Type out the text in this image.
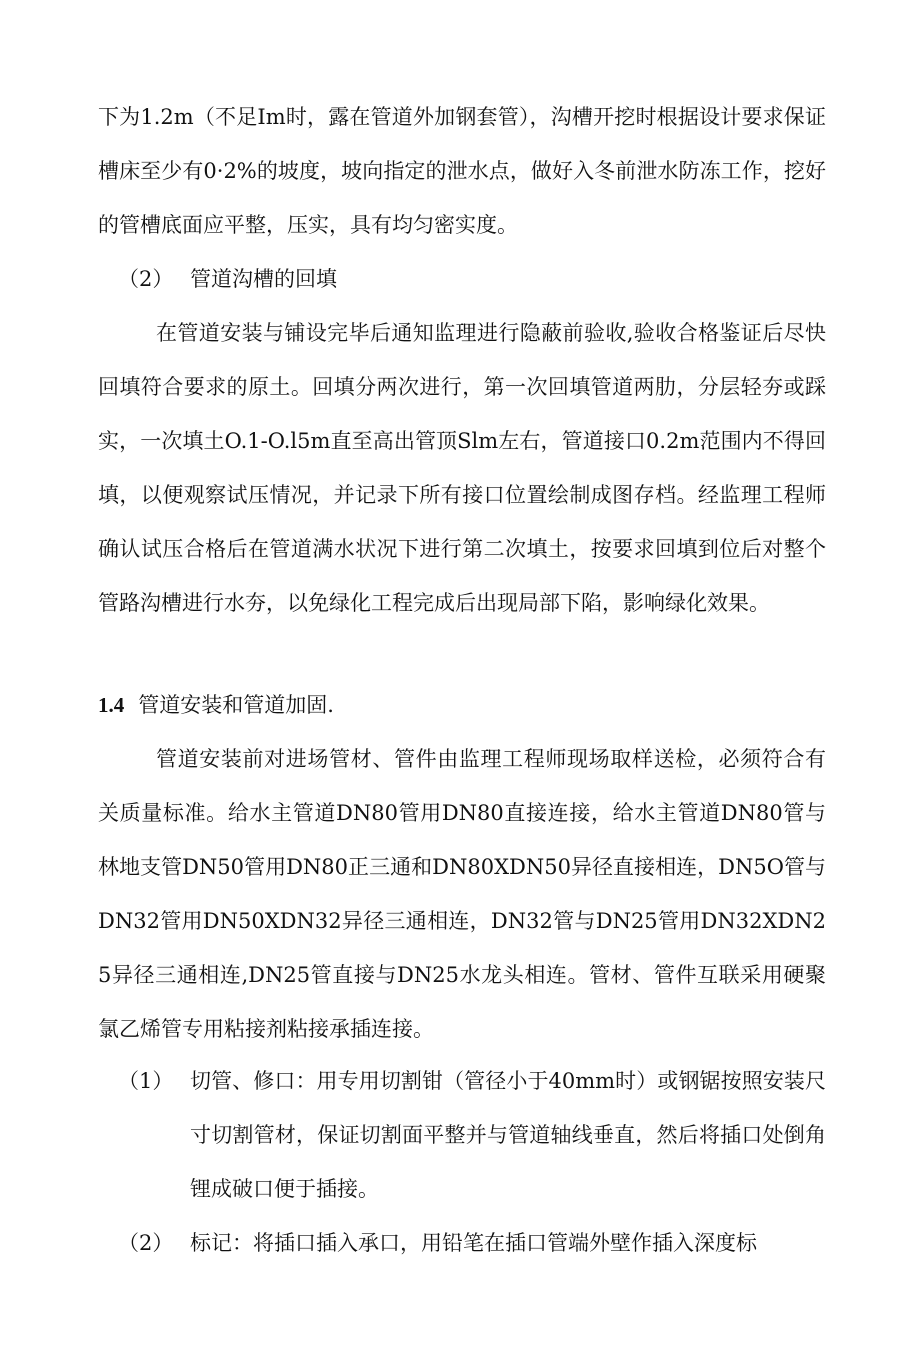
下为1.2m（不足Im时，露在管道外加钢套管），沟槽开挖时根据设计要求保证槽床至少有0·2%的坡度，坡向指定的泄水点，做好入冬前泄水防冻工作，挖好的管槽底面应平整，压实，具有均匀密实度。

（2） 管道沟槽的回填

在管道安装与铺设完毕后通知监理进行隐蔽前验收,验收合格鉴证后尽快回填符合要求的原土。回填分两次进行，第一次回填管道两肋，分层轻夯或踩实，一次填土O.1-O.l5m直至高出管顶Slm左右，管道接口0.2m范围内不得回填，以便观察试压情况，并记录下所有接口位置绘制成图存档。经监理工程师确认试压合格后在管道满水状况下进行第二次填土，按要求回填到位后对整个管路沟槽进行水夯，以免绿化工程完成后出现局部下陷，影响绿化效果。

1.4 管道安装和管道加固.

管道安装前对进场管材、管件由监理工程师现场取样送检，必须符合有关质量标准。给水主管道DN80管用DN80直接连接，给水主管道DN80管与林地支管DN50管用DN80正三通和DN80XDN50异径直接相连，DN5O管与DN32管用DN50XDN32异径三通相连，DN32管与DN25管用DN32XDN25异径三通相连,DN25管直接与DN25水龙头相连。管材、管件互联采用硬聚氯乙烯管专用粘接剂粘接承插连接。

（1） 切管、修口：用专用切割钳（管径小于40mm时）或钢锯按照安装尺寸切割管材，保证切割面平整并与管道轴线垂直，然后将插口处倒角锂成破口便于插接。
（2） 标记：将插口插入承口，用铅笔在插口管端外壁作插入深度标
